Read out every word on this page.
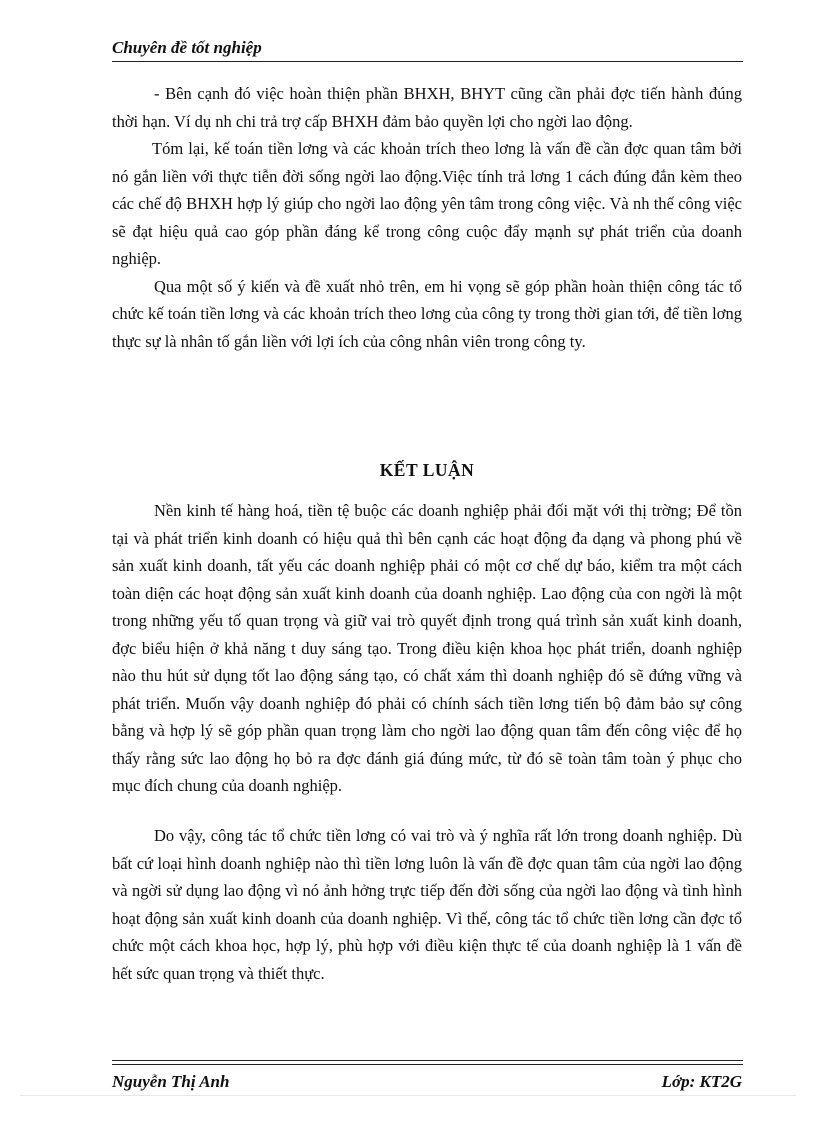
Chuyên đề tốt nghiệp

- Bên cạnh đó việc hoàn thiện phần BHXH, BHYT cũng cần phải đợc tiến hành đúng thời hạn. Ví dụ nh chi trả trợ cấp BHXH đảm bảo quyền lợi cho ngời lao động.

Tóm lại, kế toán tiền lơng và các khoản trích theo lơng là vấn đề cần đợc quan tâm bởi nó gắn liền với thực tiễn đời sống ngời lao động.Việc tính trả lơng 1 cách đúng đắn kèm theo các chế độ BHXH hợp lý giúp cho ngời lao động yên tâm trong công việc. Và nh thế công việc sẽ đạt hiệu quả cao góp phần đáng kể trong công cuộc đẩy mạnh sự phát triển của doanh nghiệp.

Qua một số ý kiến và đề xuất nhỏ trên, em hi vọng sẽ góp phần hoàn thiện công tác tổ chức kế toán tiền lơng và các khoản trích theo lơng của công ty trong thời gian tới, để tiền lơng thực sự là nhân tố gắn liền với lợi ích của công nhân viên trong công ty.

KẾT LUẬN

Nền kinh tế hàng hoá, tiền tệ buộc các doanh nghiệp phải đối mặt với thị trờng; Để tồn tại và phát triển kinh doanh có hiệu quả thì bên cạnh các hoạt động đa dạng và phong phú về sản xuất kinh doanh, tất yếu các doanh nghiệp phải có một cơ chế dự báo, kiểm tra một cách toàn diện các hoạt động sản xuất kinh doanh của doanh nghiệp. Lao động của con ngời là một trong những yếu tố quan trọng và giữ vai trò quyết định trong quá trình sản xuất kinh doanh, đợc biểu hiện ở khả năng t duy sáng tạo. Trong điều kiện khoa học phát triển, doanh nghiệp nào thu hút sử dụng tốt lao động sáng tạo, có chất xám thì doanh nghiệp đó sẽ đứng vững và phát triển. Muốn vậy doanh nghiệp đó phải có chính sách tiền lơng tiến bộ đảm bảo sự công bằng và hợp lý sẽ góp phần quan trọng làm cho ngời lao động quan tâm đến công việc để họ thấy rằng sức lao động họ bỏ ra đợc đánh giá đúng mức, từ đó sẽ toàn tâm toàn ý phục cho mục đích chung của doanh nghiệp.

Do vậy, công tác tổ chức tiền lơng có vai trò và ý nghĩa rất lớn trong doanh nghiệp. Dù bất cứ loại hình doanh nghiệp nào thì tiền lơng luôn là vấn đề đợc quan tâm của ngời lao động và ngời sử dụng lao động vì nó ảnh hởng trực tiếp đến đời sống của ngời lao động và tình hình hoạt động sản xuất kinh doanh của doanh nghiệp. Vì thế, công tác tổ chức tiền lơng cần đợc tổ chức một cách khoa học, hợp lý, phù hợp với điều kiện thực tế của doanh nghiệp là 1 vấn đề hết sức quan trọng và thiết thực.

Nguyễn Thị Anh	Lớp: KT2G
